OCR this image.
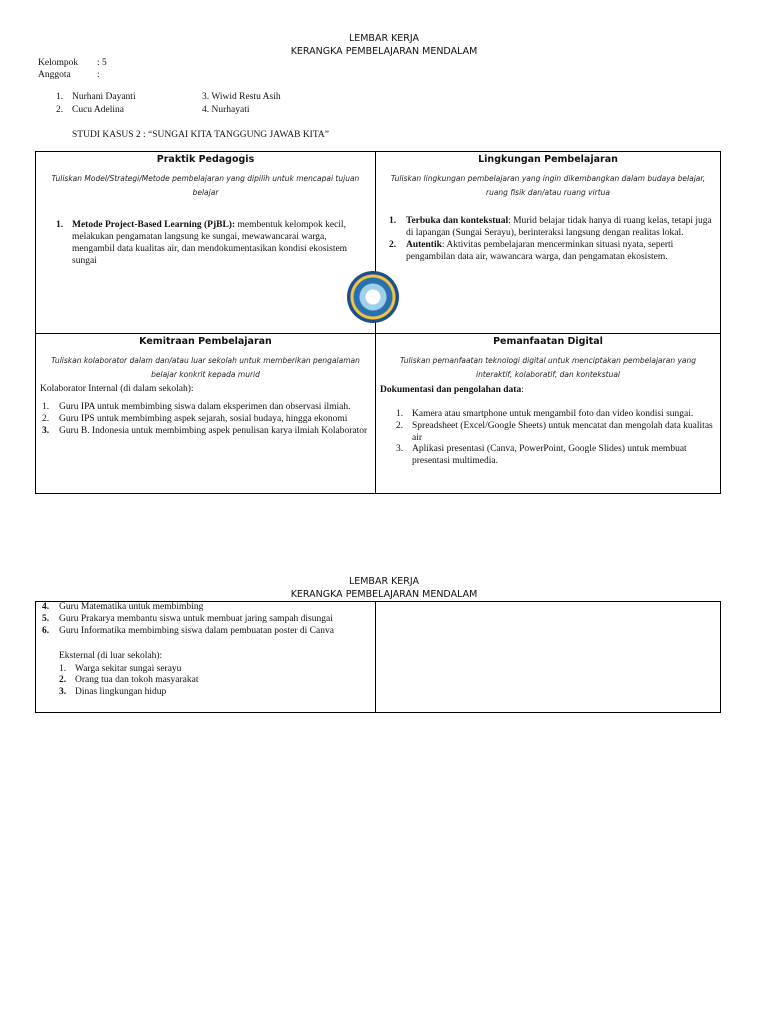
LEMBAR KERJA
KERANGKA PEMBELAJARAN MENDALAM
Kelompok : 5
Anggota	:
1. Nurhani Dayanti
2. Cucu Adelina
3. Wiwid Restu Asih
4. Nurhayati
STUDI KASUS 2 : “SUNGAI KITA TANGGUNG JAWAB KITA”
Praktik Pedagogis
Tuliskan Model/Strategi/Metode pembelajaran yang dipilih untuk mencapai tujuan belajar
1. Metode Project-Based Learning (PjBL): membentuk kelompok kecil, melakukan pengamatan langsung ke sungai, mewawancarai warga, mengambil data kualitas air, dan mendokumentasikan kondisi ekosistem sungai
Lingkungan Pembelajaran
Tuliskan lingkungan pembelajaran yang ingin dikembangkan dalam budaya belajar, ruang fisik dan/atau ruang virtua
1. Terbuka dan kontekstual: Murid belajar tidak hanya di ruang kelas, tetapi juga di lapangan (Sungai Serayu), berinteraksi langsung dengan realitas lokal.
2. Autentik: Aktivitas pembelajaran mencerminkan situasi nyata, seperti pengambilan data air, wawancara warga, dan pengamatan ekosistem.
Kemitraan Pembelajaran
Tuliskan kolaborator dalam dan/atau luar sekolah untuk memberikan pengalaman belajar konkrit kepada murid
Kolaborator Internal (di dalam sekolah):
1. Guru IPA untuk membimbing siswa dalam eksperimen dan observasi ilmiah.
2. Guru IPS untuk membimbing aspek sejarah, sosial budaya, hingga ekonomi
3. Guru B. Indonesia untuk membimbing aspek penulisan karya ilmiah Kolaborator
Pemanfaatan Digital
Tuliskan pemanfaatan teknologi digital untuk menciptakan pembelajaran yang interaktif, kolaboratif, dan kontekstual
Dokumentasi dan pengolahan data:
1. Kamera atau smartphone untuk mengambil foto dan video kondisi sungai.
2. Spreadsheet (Excel/Google Sheets) untuk mencatat dan mengolah data kualitas air
3. Aplikasi presentasi (Canva, PowerPoint, Google Slides) untuk membuat presentasi multimedia.
LEMBAR KERJA
KERANGKA PEMBELAJARAN MENDALAM
4. Guru Matematika untuk membimbing
5. Guru Prakarya membantu siswa untuk membuat jaring sampah disungai
6. Guru Informatika membimbing siswa dalam pembuatan poster di Canva
Eksternal (di luar sekolah):
1. Warga sekitar sungai serayu
2. Orang tua dan tokoh masyarakat
3. Dinas lingkungan hidup
